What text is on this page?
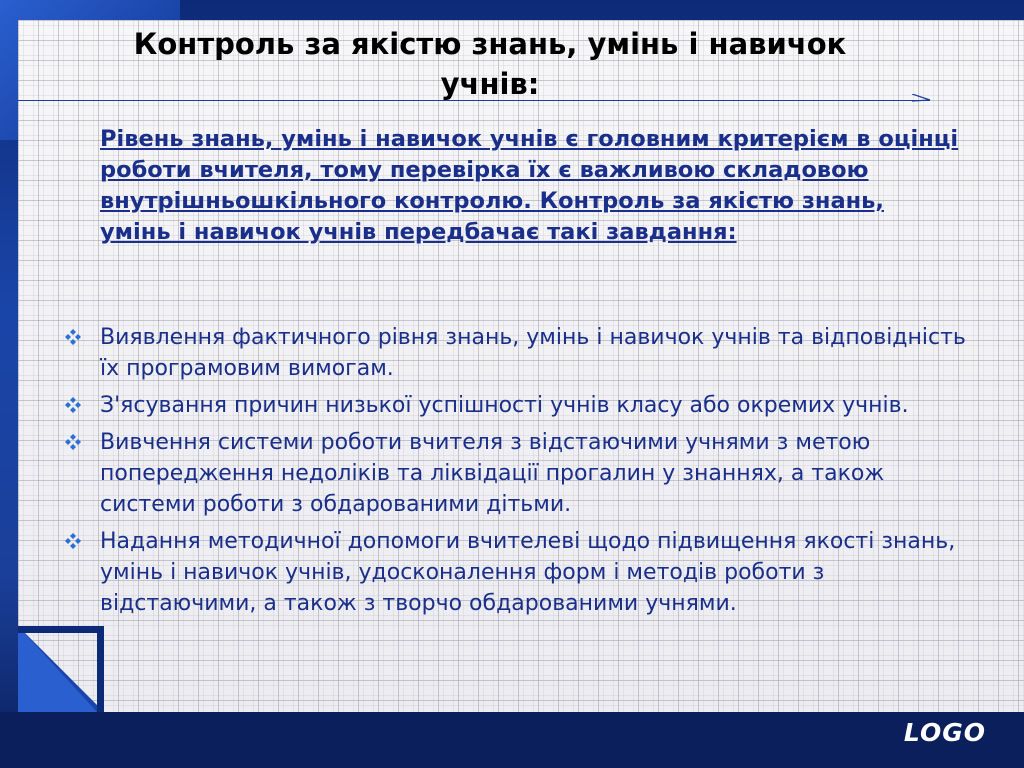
Контроль за якістю знань, умінь і навичок учнів:

Рівень знань, умінь і навичок учнів є головним критерієм в оцінці роботи вчителя, тому перевірка їх є важливою складовою внутрішньошкільного контролю. Контроль за якістю знань, умінь і навичок учнів передбачає такі завдання:

Виявлення фактичного рівня знань, умінь і навичок учнів та відповідність їх програмовим вимогам.
З'ясування причин низької успішності учнів класу або окремих учнів.
Вивчення системи роботи вчителя з відстаючими учнями з метою попередження недоліків та ліквідації прогалин у знаннях, а також системи роботи з обдарованими дітьми.
Надання методичної допомоги вчителеві щодо підвищення якості знань, умінь і навичок учнів, удосконалення форм і методів роботи з відстаючими, а також з творчо обдарованими учнями.
LOGO
